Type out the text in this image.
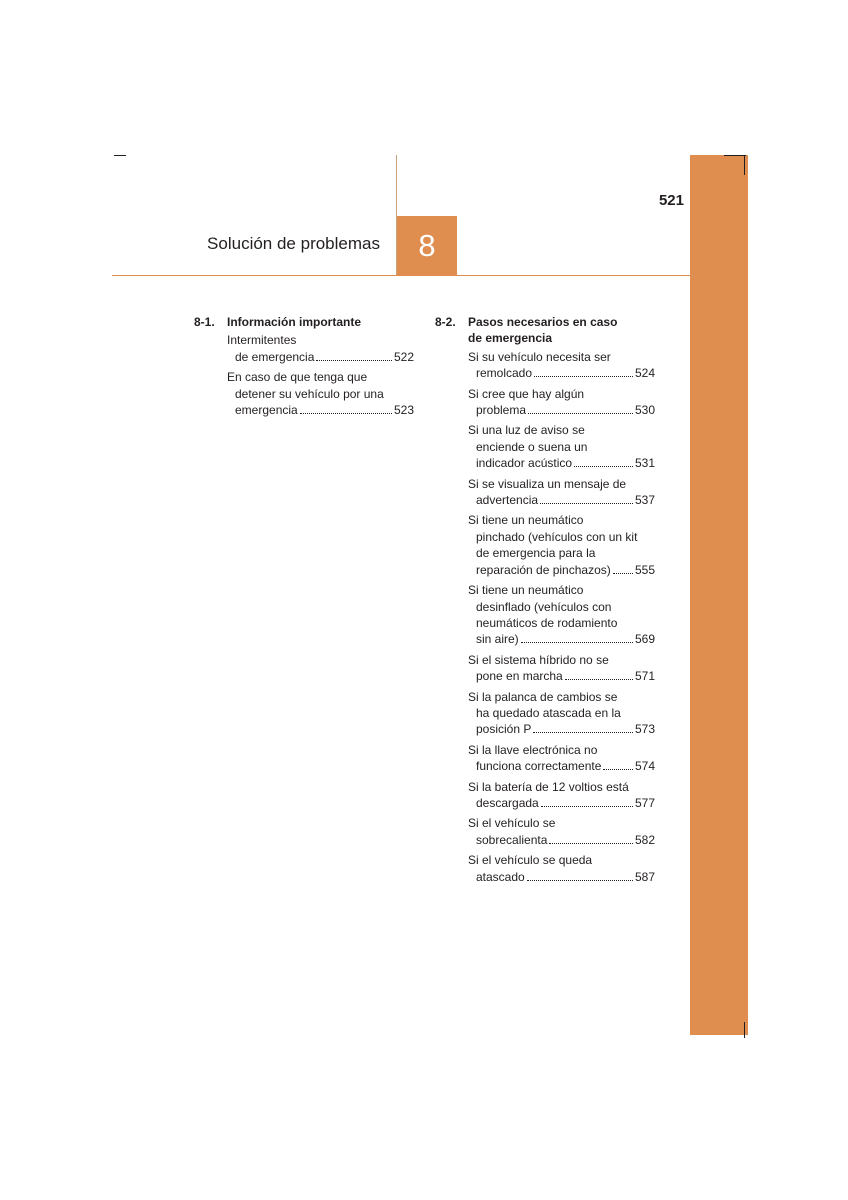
521
Solución de problemas	8
8-1.	Información importante
Intermitentes
de emergencia	522
En caso de que tenga que
detener su vehículo por una
emergencia	523
8-2.	Pasos necesarios en caso
de emergencia
Si su vehículo necesita ser
remolcado	524
Si cree que hay algún
problema	530
Si una luz de aviso se
enciende o suena un
indicador acústico	531
Si se visualiza un mensaje de
advertencia	537
Si tiene un neumático
pinchado (vehículos con un kit
de emergencia para la
reparación de pinchazos) 555
Si tiene un neumático
desinflado (vehículos con
neumáticos de rodamiento
sin aire)	569
Si el sistema híbrido no se
pone en marcha	571
Si la palanca de cambios se
ha quedado atascada en la
posición P	573
Si la llave electrónica no
funciona correctamente	574
Si la batería de 12 voltios está
descargada	577
Si el vehículo se
sobrecalienta	582
Si el vehículo se queda
atascado	587
